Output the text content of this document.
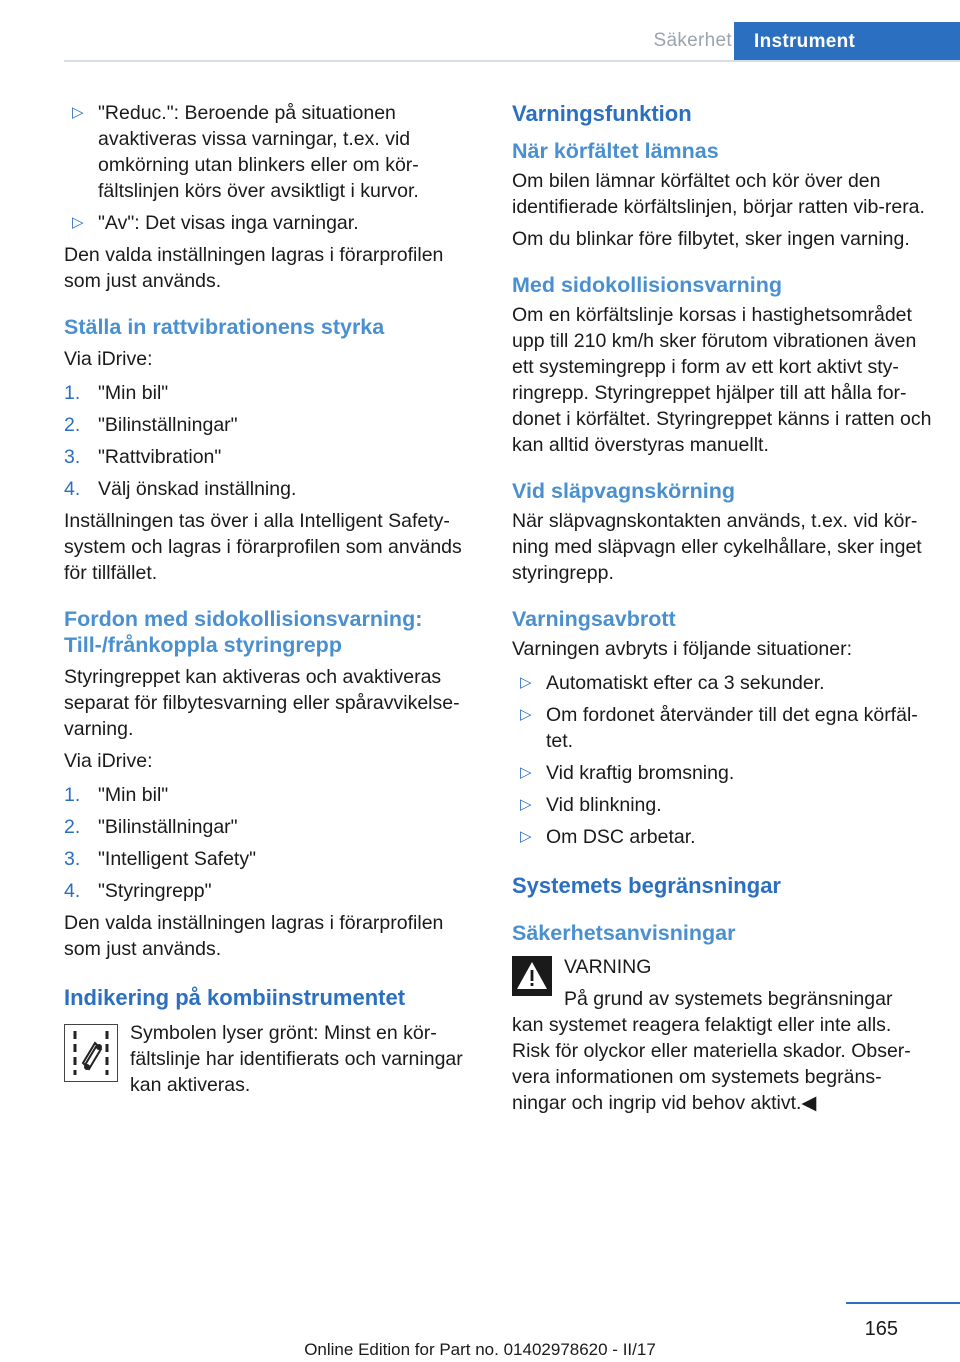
Säkerhet	Instrument
▷ "Reduc.": Beroende på situationen avaktiveras vissa varningar, t.ex. vid omkörning utan blinkers eller om kör-fältslinjen körs över avsiktligt i kurvor.
▷ "Av": Det visas inga varningar.

Den valda inställningen lagras i förarprofilen som just används.

Ställa in rattvibrationens styrka

Via iDrive:

1. "Min bil"
2. "Bilinställningar"
3. "Rattvibration"
4. Välj önskad inställning.

Inställningen tas över i alla Intelligent Safety-system och lagras i förarprofilen som används för tillfället.

Fordon med sidokollisionsvarning: Till-/frånkoppla styringrepp

Styringreppet kan aktiveras och avaktiveras separat för filbytesvarning eller spåravvikelse-varning.

Via iDrive:

1. "Min bil"
2. "Bilinställningar"
3. "Intelligent Safety"
4. "Styringrepp"

Den valda inställningen lagras i förarprofilen som just används.

Indikering på kombiinstrumentet

Symbolen lyser grönt: Minst en kör-fältslinje har identifierats och varningar kan aktiveras.

Varningsfunktion
När körfältet lämnas

Om bilen lämnar körfältet och kör över den identifierade körfältslinjen, börjar ratten vib-rera.

Om du blinkar före filbytet, sker ingen varning.

Med sidokollisionsvarning

Om en körfältslinje korsas i hastighetsområdet upp till 210 km/h sker förutom vibrationen även ett systemingrepp i form av ett kort aktivt sty-ringrepp. Styringreppet hjälper till att hålla for-donet i körfältet. Styringreppet känns i ratten och kan alltid överstyras manuellt.

Vid släpvagnskörning

När släpvagnskontakten används, t.ex. vid kör-ning med släpvagn eller cykelhållare, sker inget styringrepp.

Varningsavbrott

Varningen avbryts i följande situationer:

▷ Automatiskt efter ca 3 sekunder.
▷ Om fordonet återvänder till det egna körfäl-tet.
▷ Vid kraftig bromsning.
▷ Vid blinkning.
▷ Om DSC arbetar.
Systemets begränsningar
Säkerhetsanvisningar
VARNING
På grund av systemets begränsningar
kan systemet reagera felaktigt eller inte alls. Risk för olyckor eller materiella skador. Obser-vera informationen om systemets begräns-ningar och ingrip vid behov aktivt.◀
165
Online Edition for Part no. 01402978620 - II/17
